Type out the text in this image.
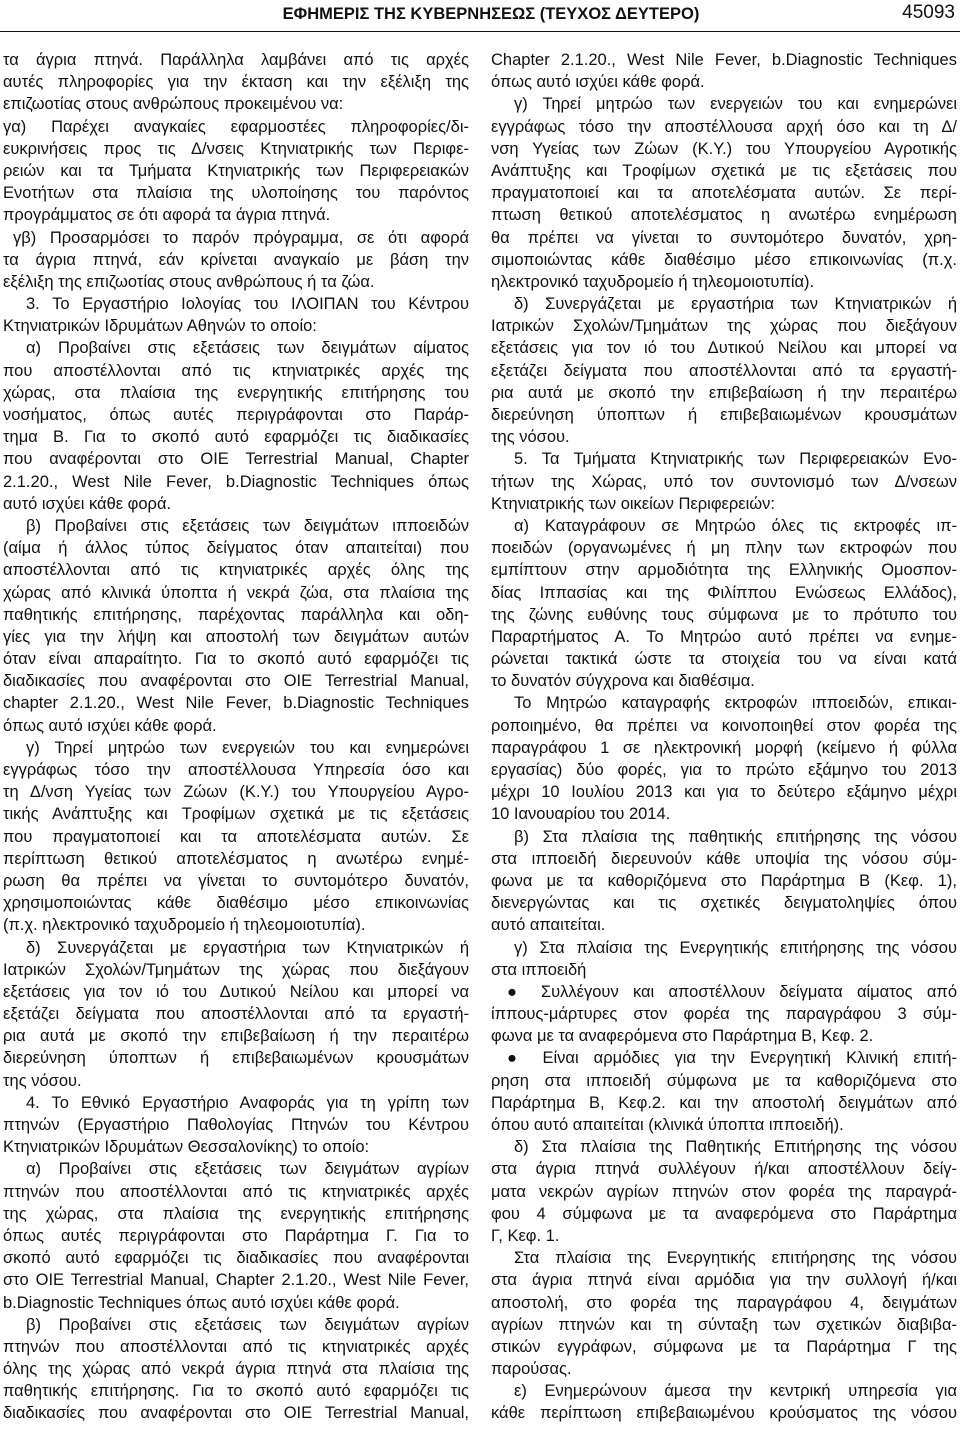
ΕΦΗΜΕΡΙΣ ΤΗΣ ΚΥΒΕΡΝΗΣΕΩΣ (ΤΕΥΧΟΣ ΔΕΥΤΕΡΟ)	45093
τα άγρια πτηνά. Παράλληλα λαμβάνει από τις αρχές
αυτές πληροφορίες για την έκταση και την εξέλιξη της
επιζωοτίας στους ανθρώπους προκειμένου να:
γα) Παρέχει αναγκαίες εφαρμοστέες πληροφορίες/δι-
ευκρινήσεις προς τις Δ/νσεις Κτηνιατρικής των Περιφε-
ρειών και τα Τμήματα Κτηνιατρικής των Περιφερειακών
Ενοτήτων στα πλαίσια της υλοποίησης του παρόντος
προγράμματος σε ότι αφορά τα άγρια πτηνά.
γβ) Προσαρμόσει το παρόν πρόγραμμα, σε ότι αφορά
τα άγρια πτηνά, εάν κρίνεται αναγκαίο με βάση την
εξέλιξη της επιζωοτίας στους ανθρώπους ή τα ζώα.
3. Το Εργαστήριο Ιολογίας του ΙΛΟΙΠΑΝ του Κέντρου
Κτηνιατρικών Ιδρυμάτων Αθηνών το οποίο:
α) Προβαίνει στις εξετάσεις των δειγμάτων αίματος
που αποστέλλονται από τις κτηνιατρικές αρχές της
χώρας, στα πλαίσια της ενεργητικής επιτήρησης του
νοσήματος, όπως αυτές περιγράφονται στο Παράρ-
τημα Β. Για το σκοπό αυτό εφαρμόζει τις διαδικασίες
που αναφέρονται στο OIE Terrestrial Manual, Chapter
2.1.20., West Nile Fever, b.Diagnostic Techniques όπως
αυτό ισχύει κάθε φορά.
β) Προβαίνει στις εξετάσεις των δειγμάτων ιπποειδών
(αίμα ή άλλος τύπος δείγματος όταν απαιτείται) που
αποστέλλονται από τις κτηνιατρικές αρχές όλης της
χώρας από κλινικά ύποπτα ή νεκρά ζώα, στα πλαίσια της
παθητικής επιτήρησης, παρέχοντας παράλληλα και οδη-
γίες για την λήψη και αποστολή των δειγμάτων αυτών
όταν είναι απαραίτητο. Για το σκοπό αυτό εφαρμόζει τις
διαδικασίες που αναφέρονται στο OIE Terrestrial Manual,
chapter 2.1.20., West Nile Fever, b.Diagnostic Techniques
όπως αυτό ισχύει κάθε φορά.
γ) Τηρεί μητρώο των ενεργειών του και ενημερώνει
εγγράφως τόσο την αποστέλλουσα Υπηρεσία όσο και
τη Δ/νση Υγείας των Ζώων (Κ.Υ.) του Υπουργείου Αγρο-
τικής Ανάπτυξης και Τροφίμων σχετικά με τις εξετάσεις
που πραγματοποιεί και τα αποτελέσματα αυτών. Σε
περίπτωση θετικού αποτελέσματος η ανωτέρω ενημέ-
ρωση θα πρέπει να γίνεται το συντομότερο δυνατόν,
χρησιμοποιώντας κάθε διαθέσιμο μέσο επικοινωνίας
(π.χ. ηλεκτρονικό ταχυδρομείο ή τηλεομοιοτυπία).
δ) Συνεργάζεται με εργαστήρια των Κτηνιατρικών ή
Ιατρικών Σχολών/Τμημάτων της χώρας που διεξάγουν
εξετάσεις για τον ιό του Δυτικού Νείλου και μπορεί να
εξετάζει δείγματα που αποστέλλονται από τα εργαστή-
ρια αυτά με σκοπό την επιβεβαίωση ή την περαιτέρω
διερεύνηση ύποπτων ή επιβεβαιωμένων κρουσμάτων
της νόσου.
4. Το Εθνικό Εργαστήριο Αναφοράς για τη γρίπη των
πτηνών (Εργαστήριο Παθολογίας Πτηνών του Κέντρου
Κτηνιατρικών Ιδρυμάτων Θεσσαλονίκης) το οποίο:
α) Προβαίνει στις εξετάσεις των δειγμάτων αγρίων
πτηνών που αποστέλλονται από τις κτηνιατρικές αρχές
της χώρας, στα πλαίσια της ενεργητικής επιτήρησης
όπως αυτές περιγράφονται στο Παράρτημα Γ. Για το
σκοπό αυτό εφαρμόζει τις διαδικασίες που αναφέρονται
στο OIE Terrestrial Manual, Chapter 2.1.20., West Nile Fever,
b.Diagnostic Techniques όπως αυτό ισχύει κάθε φορά.
β) Προβαίνει στις εξετάσεις των δειγμάτων αγρίων
πτηνών που αποστέλλονται από τις κτηνιατρικές αρχές
όλης της χώρας από νεκρά άγρια πτηνά στα πλαίσια της
παθητικής επιτήρησης. Για το σκοπό αυτό εφαρμόζει τις
διαδικασίες που αναφέρονται στο OIE Terrestrial Manual,
Chapter 2.1.20., West Nile Fever, b.Diagnostic Techniques
όπως αυτό ισχύει κάθε φορά.
γ) Τηρεί μητρώο των ενεργειών του και ενημερώνει
εγγράφως τόσο την αποστέλλουσα αρχή όσο και τη Δ/
νση Υγείας των Ζώων (Κ.Υ.) του Υπουργείου Αγροτικής
Ανάπτυξης και Τροφίμων σχετικά με τις εξετάσεις που
πραγματοποιεί και τα αποτελέσματα αυτών. Σε περί-
πτωση θετικού αποτελέσματος η ανωτέρω ενημέρωση
θα πρέπει να γίνεται το συντομότερο δυνατόν, χρη-
σιμοποιώντας κάθε διαθέσιμο μέσο επικοινωνίας (π.χ.
ηλεκτρονικό ταχυδρομείο ή τηλεομοιοτυπία).
δ) Συνεργάζεται με εργαστήρια των Κτηνιατρικών ή
Ιατρικών Σχολών/Τμημάτων της χώρας που διεξάγουν
εξετάσεις για τον ιό του Δυτικού Νείλου και μπορεί να
εξετάζει δείγματα που αποστέλλονται από τα εργαστή-
ρια αυτά με σκοπό την επιβεβαίωση ή την περαιτέρω
διερεύνηση ύποπτων ή επιβεβαιωμένων κρουσμάτων
της νόσου.
5. Τα Τμήματα Κτηνιατρικής των Περιφερειακών Ενο-
τήτων της Χώρας, υπό τον συντονισμό των Δ/νσεων
Κτηνιατρικής των οικείων Περιφερειών:
α) Καταγράφουν σε Μητρώο όλες τις εκτροφές ιπ-
ποειδών (οργανωμένες ή μη πλην των εκτροφών που
εμπίπτουν στην αρμοδιότητα της Ελληνικής Ομοσπον-
δίας Ιππασίας και της Φιλίππου Ενώσεως Ελλάδος),
της ζώνης ευθύνης τους σύμφωνα με το πρότυπο του
Παραρτήματος Α. Το Μητρώο αυτό πρέπει να ενημε-
ρώνεται τακτικά ώστε τα στοιχεία του να είναι κατά
το δυνατόν σύγχρονα και διαθέσιμα.
Το Μητρώο καταγραφής εκτροφών ιπποειδών, επικαι-
ροποιημένο, θα πρέπει να κοινοποιηθεί στον φορέα της
παραγράφου 1 σε ηλεκτρονική μορφή (κείμενο ή φύλλα
εργασίας) δύο φορές, για το πρώτο εξάμηνο του 2013
μέχρι 10 Ιουλίου 2013 και για το δεύτερο εξάμηνο μέχρι
10 Ιανουαρίου του 2014.
β) Στα πλαίσια της παθητικής επιτήρησης της νόσου
στα ιπποειδή διερευνούν κάθε υποψία της νόσου σύμ-
φωνα με τα καθοριζόμενα στο Παράρτημα Β (Κεφ. 1),
διενεργώντας και τις σχετικές δειγματοληψίες όπου
αυτό απαιτείται.
γ) Στα πλαίσια της Ενεργητικής επιτήρησης της νόσου
στα ιπποειδή
● Συλλέγουν και αποστέλλουν δείγματα αίματος από
ίππους-μάρτυρες στον φορέα της παραγράφου 3 σύμ-
φωνα με τα αναφερόμενα στο Παράρτημα Β, Κεφ. 2.
● Είναι αρμόδιες για την Ενεργητική Κλινική επιτή-
ρηση στα ιπποειδή σύμφωνα με τα καθοριζόμενα στο
Παράρτημα Β, Κεφ.2. και την αποστολή δειγμάτων από
όπου αυτό απαιτείται (κλινικά ύποπτα ιπποειδή).
δ) Στα πλαίσια της Παθητικής Επιτήρησης της νόσου
στα άγρια πτηνά συλλέγουν ή/και αποστέλλουν δείγ-
ματα νεκρών αγρίων πτηνών στον φορέα της παραγρά-
φου 4 σύμφωνα με τα αναφερόμενα στο Παράρτημα
Γ, Κεφ. 1.
Στα πλαίσια της Ενεργητικής επιτήρησης της νόσου
στα άγρια πτηνά είναι αρμόδια για την συλλογή ή/και
αποστολή, στο φορέα της παραγράφου 4, δειγμάτων
αγρίων πτηνών και τη σύνταξη των σχετικών διαβιβα-
στικών εγγράφων, σύμφωνα με τα Παράρτημα Γ της
παρούσας.
ε) Ενημερώνουν άμεσα την κεντρική υπηρεσία για
κάθε περίπτωση επιβεβαιωμένου κρούσματος της νόσου
